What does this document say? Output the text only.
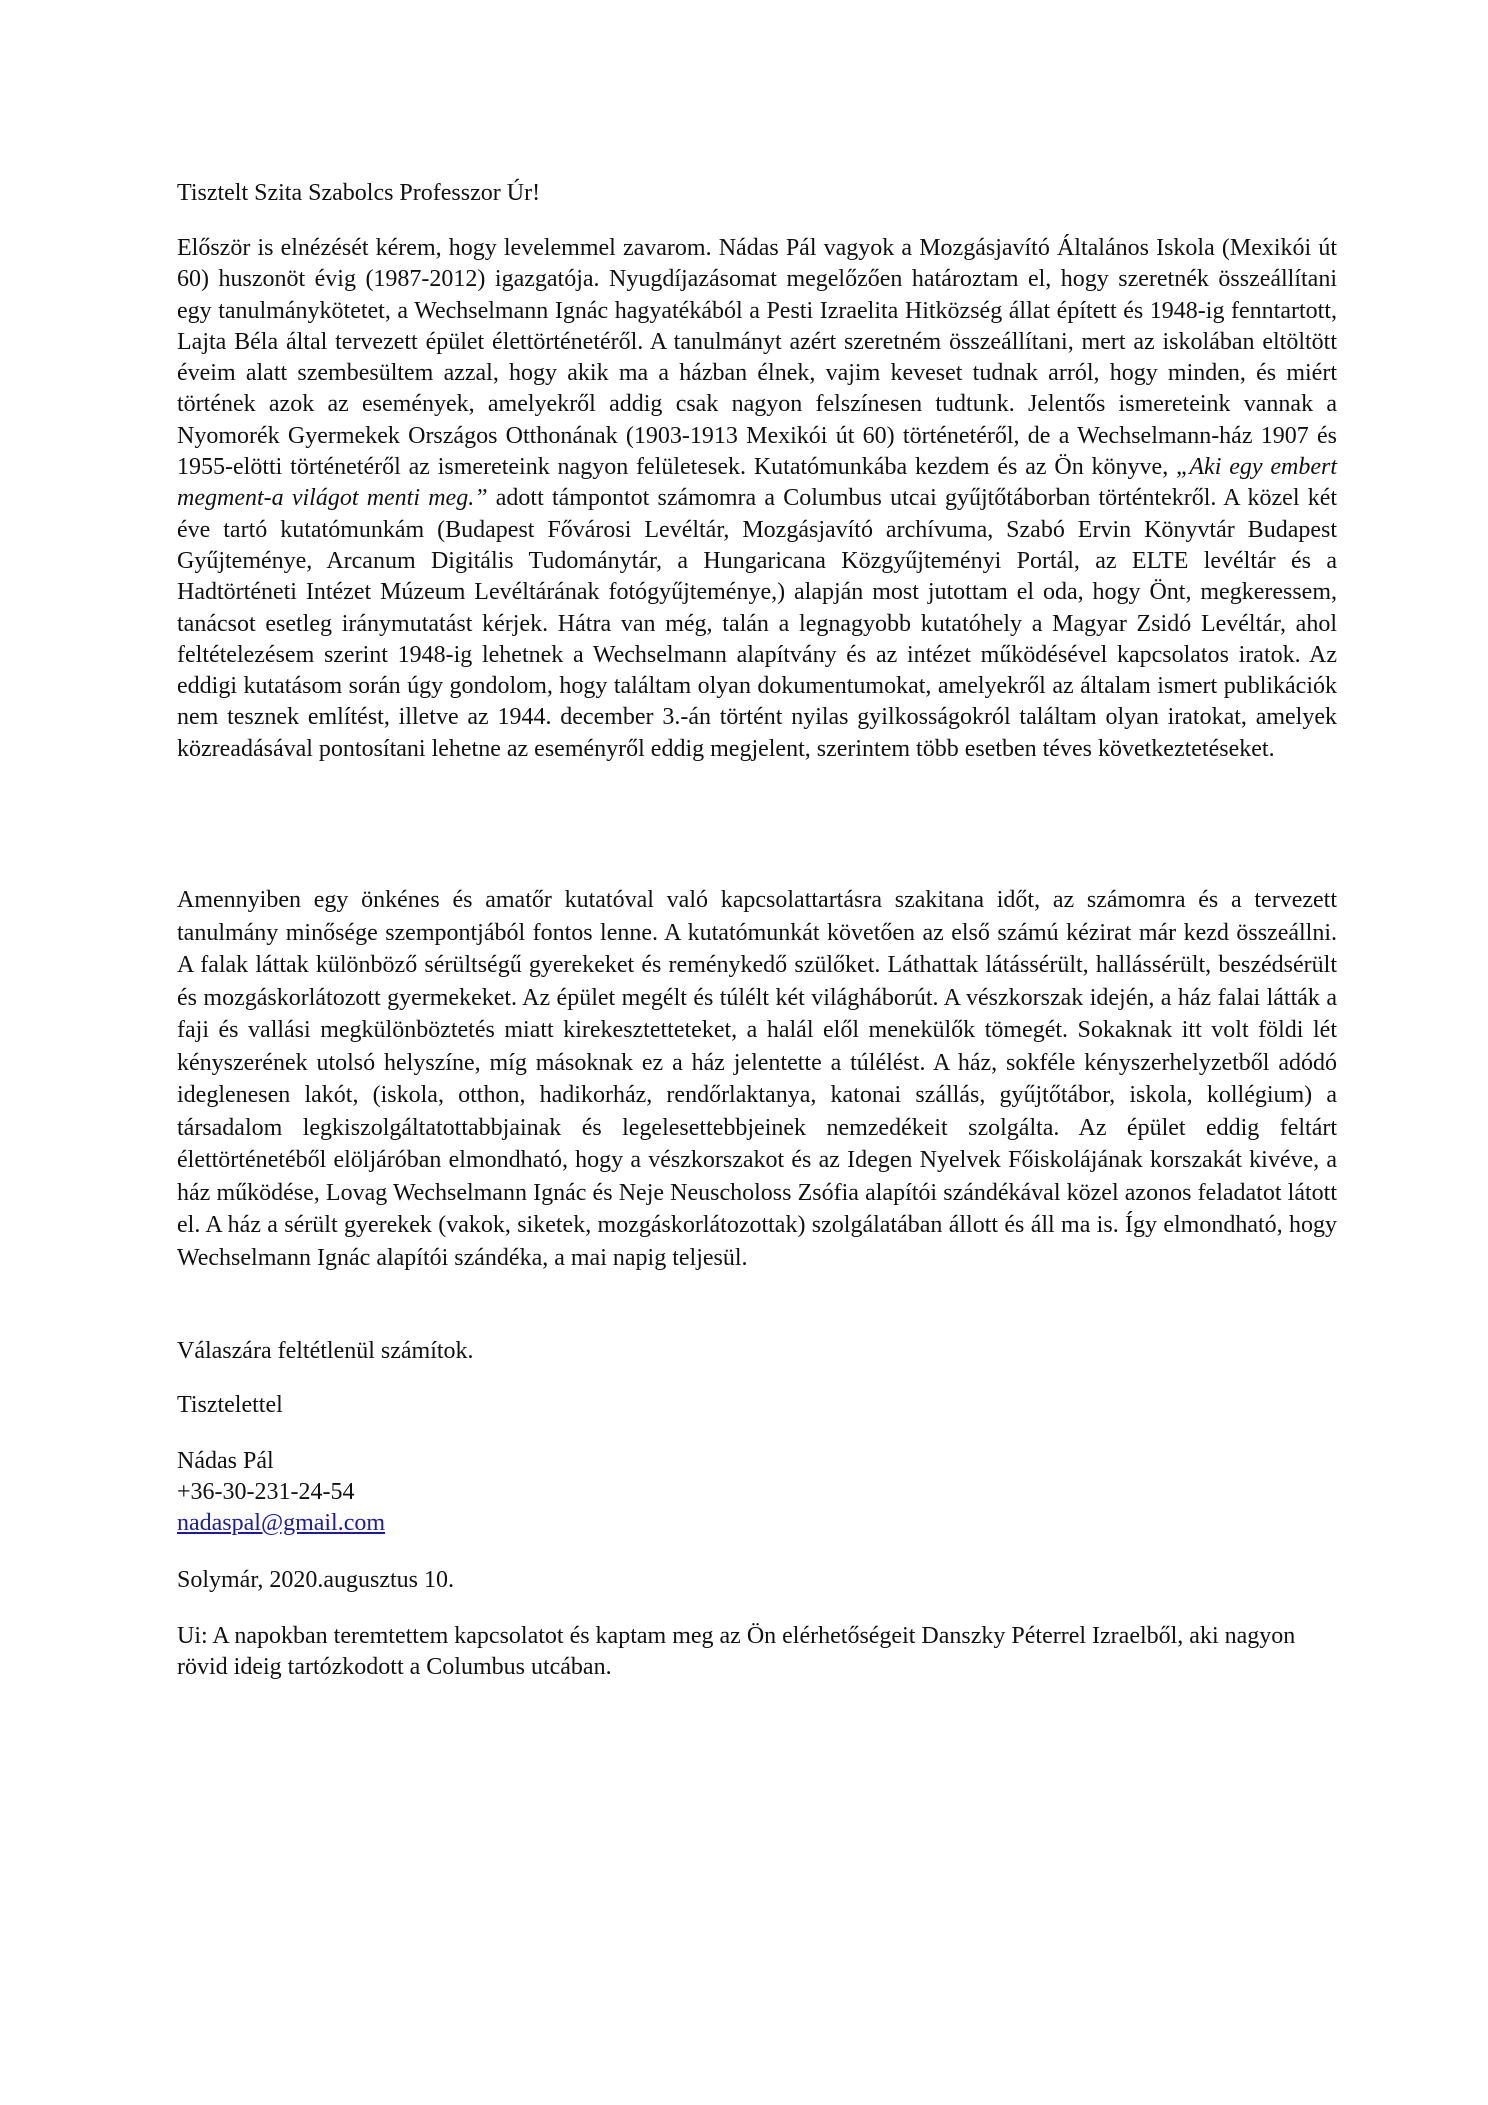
Tisztelt Szita Szabolcs Professzor Úr!

Először is elnézését kérem, hogy levelemmel zavarom. Nádas Pál vagyok a Mozgásjavító Általános Iskola (Mexikói út 60) huszonöt évig (1987-2012) igazgatója. Nyugdíjazásomat megelőzően határoztam el, hogy szeretnék összeállítani egy tanulmánykötetet, a Wechselmann Ignác hagyatékából a Pesti Izraelita Hitközség állat épített és 1948-ig fenntartott, Lajta Béla által tervezett épület élettörténetéről. A tanulmányt azért szeretném összeállítani, mert az iskolában eltöltött éveim alatt szembesültem azzal, hogy akik ma a házban élnek, vajim keveset tudnak arról, hogy minden, és miért történek azok az események, amelyekről addig csak nagyon felszínesen tudtunk. Jelentős ismereteink vannak a Nyomorék Gyermekek Országos Otthonának (1903-1913 Mexikói út 60) történetéről, de a Wechselmann-ház 1907 és 1955-elötti történetéről az ismereteink nagyon felületesek. Kutatómunkába kezdem és az Ön könyve, „Aki egy embert megment-a világot menti meg.” adott támpontot számomra a Columbus utcai gyűjtőtáborban történtekről. A közel két éve tartó kutatómunkám (Budapest Fővárosi Levéltár, Mozgásjavító archívuma, Szabó Ervin Könyvtár Budapest Gyűjteménye, Arcanum Digitális Tudománytár, a Hungaricana Közgyűjteményi Portál, az ELTE levéltár és a Hadtörténeti Intézet Múzeum Levéltárának fotógyűjteménye,) alapján most jutottam el oda, hogy Önt, megkeressem, tanácsot esetleg iránymutatást kérjek. Hátra van még, talán a legnagyobb kutatóhely a Magyar Zsidó Levéltár, ahol feltételezésem szerint 1948-ig lehetnek a Wechselmann alapítvány és az intézet működésével kapcsolatos iratok. Az eddigi kutatásom során úgy gondolom, hogy találtam olyan dokumentumokat, amelyekről az általam ismert publikációk nem tesznek említést, illetve az 1944. december 3.-án történt nyilas gyilkosságokról találtam olyan iratokat, amelyek közreadásával pontosítani lehetne az eseményről eddig megjelent, szerintem több esetben téves következtetéseket.

Amennyiben egy önkénes és amatőr kutatóval való kapcsolattartásra szakitana időt, az számomra és a tervezett tanulmány minősége szempontjából fontos lenne. A kutatómunkát követően az első számú kézirat már kezd összeállni. A falak láttak különböző sérültségű gyerekeket és reménykedő szülőket. Láthattak látássérült, hallássérült, beszédsérült és mozgáskorlátozott gyermekeket. Az épület megélt és túlélt két világháborút. A vészkorszak idején, a ház falai látták a faji és vallási megkülönböztetés miatt kirekesztetteteket, a halál elől menekülők tömegét. Sokaknak itt volt földi lét kényszerének utolsó helyszíne, míg másoknak ez a ház jelentette a túlélést. A ház, sokféle kényszerhelyzetből adódó ideglenesen lakót, (iskola, otthon, hadikorház, rendőrlaktanya, katonai szállás, gyűjtőtábor, iskola, kollégium) a társadalom legkiszolgáltatottabbjainak és legelesettebbjeinek nemzedékeit szolgálta. Az épület eddig feltárt élettörténetéből elöljáróban elmondható, hogy a vészkorszakot és az Idegen Nyelvek Főiskolájának korszakát kivéve, a ház működése, Lovag Wechselmann Ignác és Neje Neuscholoss Zsófia alapítói szándékával közel azonos feladatot látott el. A ház a sérült gyerekek (vakok, siketek, mozgáskorlátozottak) szolgálatában állott és áll ma is. Így elmondható, hogy Wechselmann Ignác alapítói szándéka, a mai napig teljesül.

Válaszára feltétlenül számítok.

Tisztelettel

Nádas Pál

+36-30-231-24-54

nadaspal@gmail.com

Solymár, 2020.augusztus 10.

Ui: A napokban teremtettem kapcsolatot és kaptam meg az Ön elérhetőségeit Danszky Péterrel Izraelből, aki nagyon rövid ideig tartózkodott a Columbus utcában.
